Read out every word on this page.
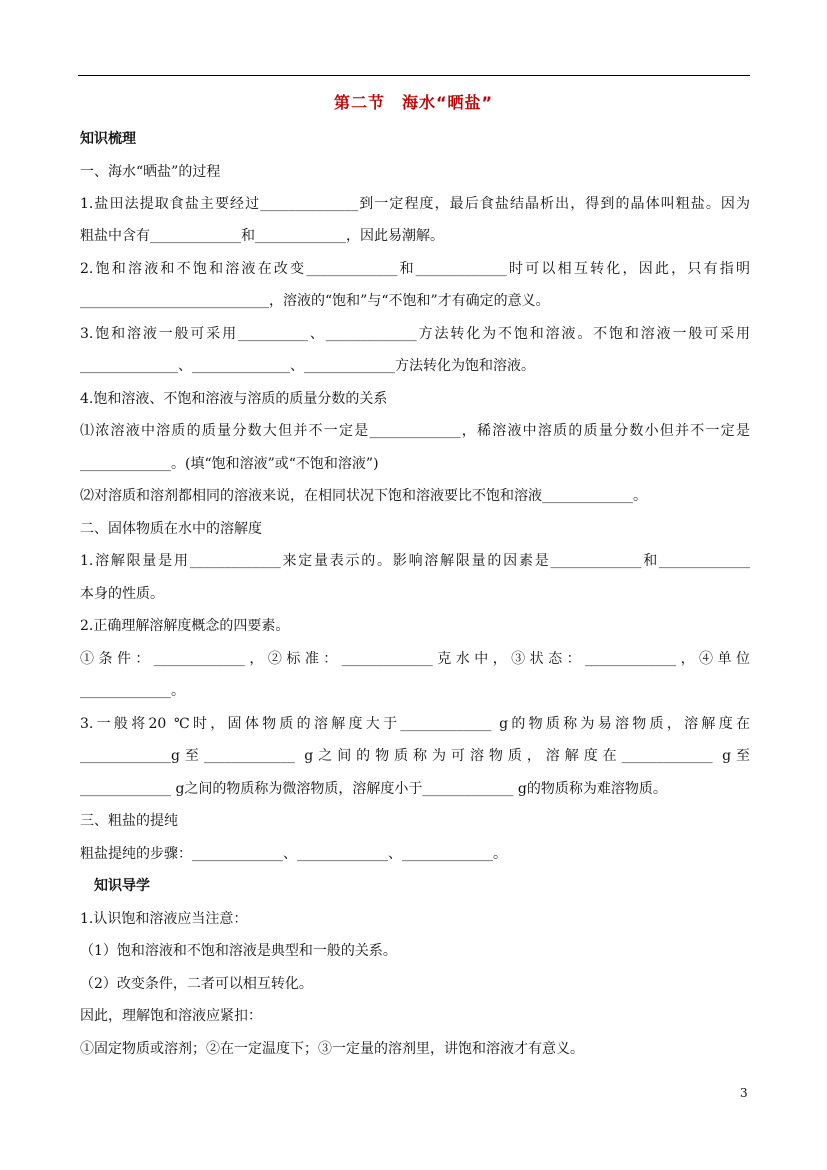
第二节　海水“晒盐”
知识梳理
一、海水“晒盐”的过程
1.盐田法提取食盐主要经过______________到一定程度，最后食盐结晶析出，得到的晶体叫粗盐。因为
粗盐中含有_____________和_____________，因此易潮解。
2.饱和溶液和不饱和溶液在改变_____________和_____________时可以相互转化，因此，只有指明
___________________________，溶液的“饱和”与“不饱和”才有确定的意义。
3.饱和溶液一般可采用__________、_____________方法转化为不饱和溶液。不饱和溶液一般可采用
______________、______________、_____________方法转化为饱和溶液。
4.饱和溶液、不饱和溶液与溶质的质量分数的关系
⑴浓溶液中溶质的质量分数大但并不一定是_____________，稀溶液中溶质的质量分数小但并不一定是
_____________。(填“饱和溶液”或“不饱和溶液”)
⑵对溶质和溶剂都相同的溶液来说，在相同状况下饱和溶液要比不饱和溶液_____________。
二、固体物质在水中的溶解度
1.溶解限量是用_____________来定量表示的。影响溶解限量的因素是_____________和_____________
本身的性质。
2.正确理解溶解度概念的四要素。
①条件：_____________，②标准：_____________克水中，③状态：_____________，④单位
_____________。
3.一般将20 ℃时，固体物质的溶解度大于_____________ g的物质称为易溶物质，溶解度在
_____________g至_____________ g之间的物质称为可溶物质，溶解度在_____________ g至
_____________ g之间的物质称为微溶物质，溶解度小于_____________ g的物质称为难溶物质。
三、粗盐的提纯
粗盐提纯的步骤：_____________、_____________、_____________。
知识导学
1.认识饱和溶液应当注意：
（1）饱和溶液和不饱和溶液是典型和一般的关系。
（2）改变条件，二者可以相互转化。
因此，理解饱和溶液应紧扣：
①固定物质或溶剂；②在一定温度下；③一定量的溶剂里，讲饱和溶液才有意义。
3
